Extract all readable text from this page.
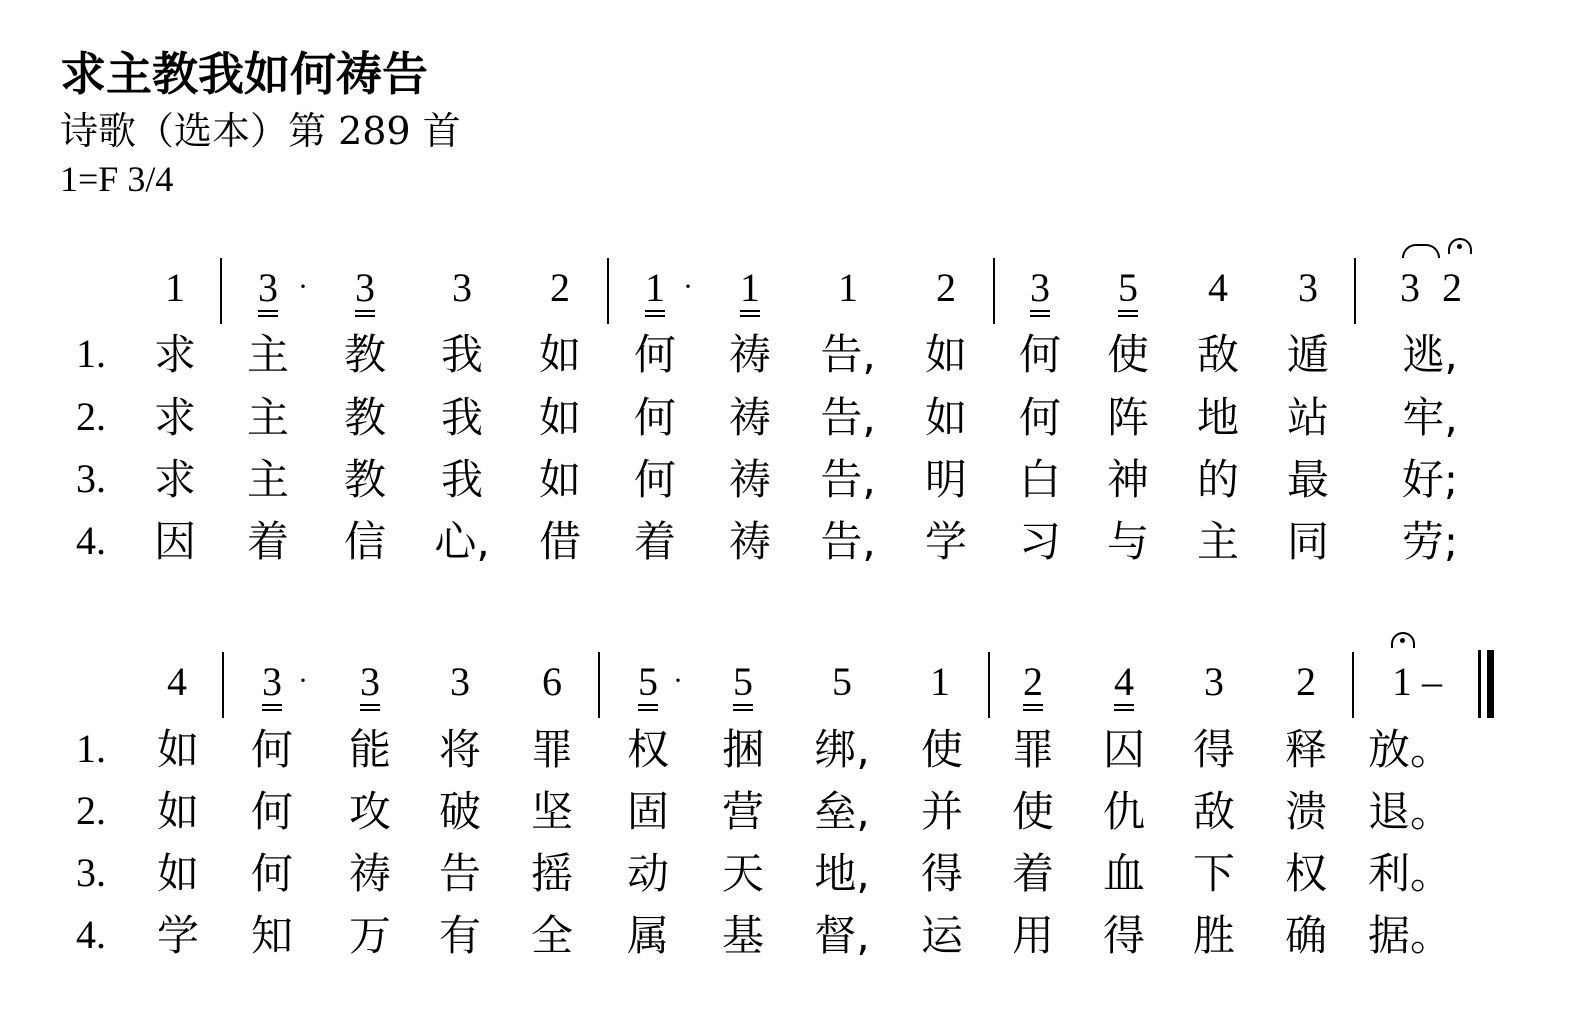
求主教我如何祷告
诗歌（选本）第 289 首
1=F 3/4
1 3 3 3 2 1 1 1 2 3 5 4 3 3 2
·	·
1.
2.
3.
4.
求 主 教 我 如 何 祷 告, 如 何 使 敌 遁 逃,
求 主 教 我 如 何 祷 告, 如 何 阵 地 站 牢,
求 主 教 我 如 何 祷 告, 明 白 神 的 最 好;
因 着 信 心, 借 着 祷 告, 学 习 与 主 同 劳;
4 3 3 3 6 5 5 5 1 2 4 3 2 1 –
·	·
1.
2.
3.
4.
如 何 能 将 罪 权 捆 绑, 使 罪 囚 得 释 放。
如 何 攻 破 坚 固 营 垒, 并 使 仇 敌 溃 退。
如 何 祷 告 摇 动 天 地, 得 着 血 下 权 利。
学 知 万 有 全 属 基 督, 运 用 得 胜 确 据。
